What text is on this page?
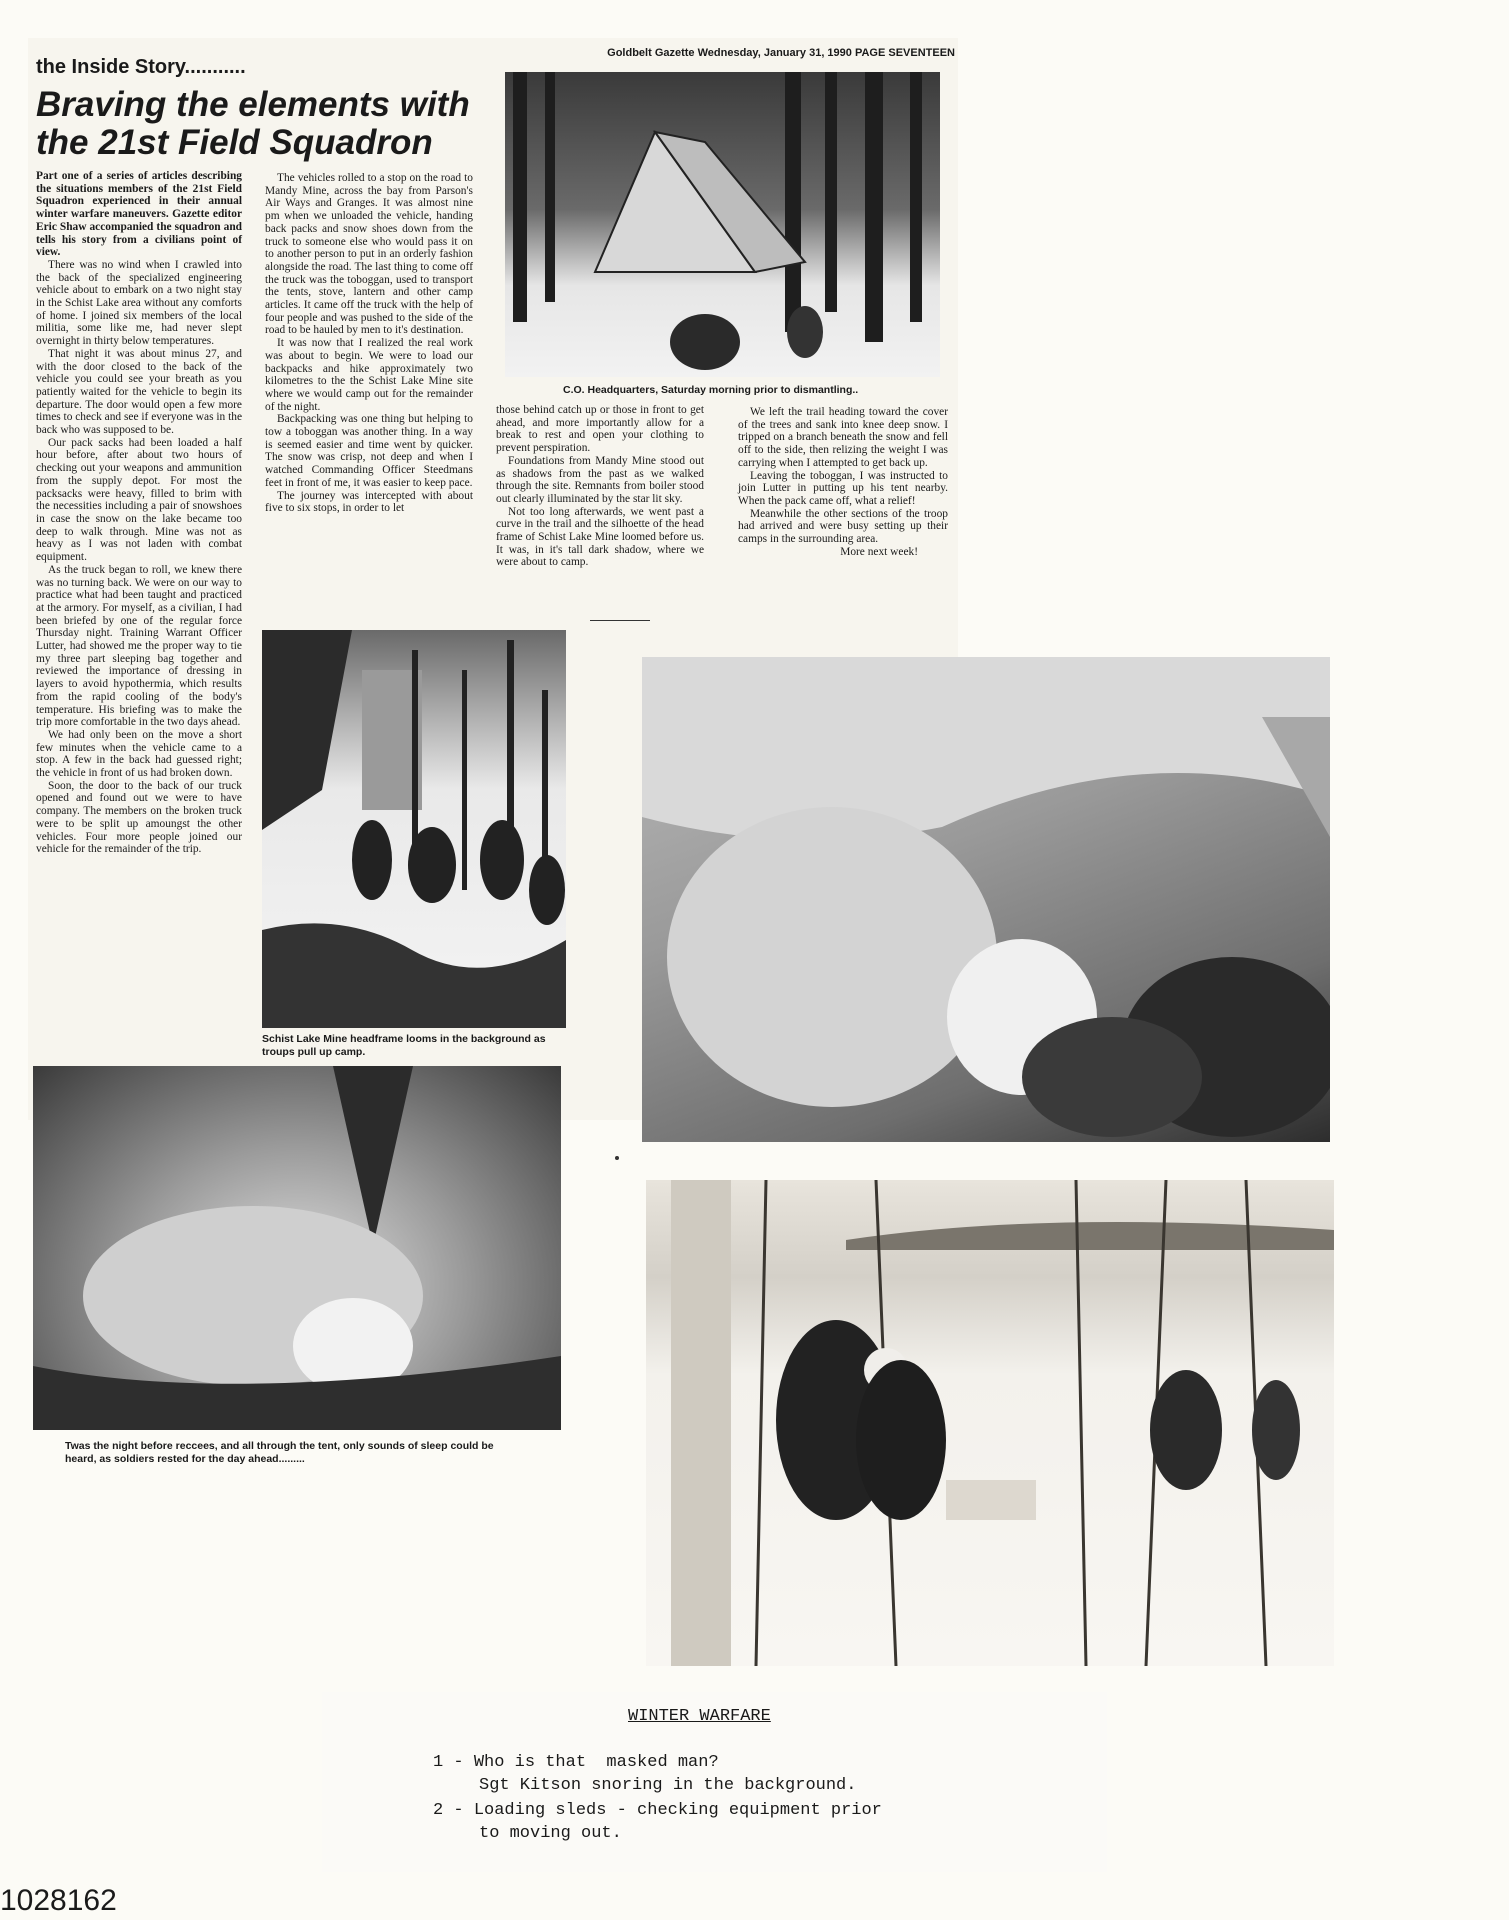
the Inside Story...........
Braving the elements with the 21st Field Squadron
Goldbelt Gazette Wednesday, January 31, 1990 PAGE SEVENTEEN

Part one of a series of articles describing the situations members of the 21st Field Squadron experienced in their annual winter warfare maneuvers. Gazette editor Eric Shaw accompanied the squadron and tells his story from a civilians point of view.

There was no wind when I crawled into the back of the specialized engineering vehicle about to embark on a two night stay in the Schist Lake area without any comforts of home. I joined six members of the local militia, some like me, had never slept overnight in thirty below temperatures.

That night it was about minus 27, and with the door closed to the back of the vehicle you could see your breath as you patiently waited for the vehicle to begin its departure. The door would open a few more times to check and see if everyone was in the back who was supposed to be.

Our pack sacks had been loaded a half hour before, after about two hours of checking out your weapons and ammunition from the supply depot. For most the packsacks were heavy, filled to brim with the necessities including a pair of snowshoes in case the snow on the lake became too deep to walk through. Mine was not as heavy as I was not laden with combat equipment.

As the truck began to roll, we knew there was no turning back. We were on our way to practice what had been taught and practiced at the armory. For myself, as a civilian, I had been briefed by one of the regular force Thursday night. Training Warrant Officer Lutter, had showed me the proper way to tie my three part sleeping bag together and reviewed the importance of dressing in layers to avoid hypothermia, which results from the rapid cooling of the body's temperature. His briefing was to make the trip more comfortable in the two days ahead.

We had only been on the move a short few minutes when the vehicle came to a stop. A few in the back had guessed right; the vehicle in front of us had broken down.

Soon, the door to the back of our truck opened and found out we were to have company. The members on the broken truck were to be split up amoungst the other vehicles. Four more people joined our vehicle for the remainder of the trip.

The vehicles rolled to a stop on the road to Mandy Mine, across the bay from Parson's Air Ways and Granges. It was almost nine pm when we unloaded the vehicle, handing back packs and snow shoes down from the truck to someone else who would pass it on to another person to put in an orderly fashion alongside the road. The last thing to come off the truck was the toboggan, used to transport the tents, stove, lantern and other camp articles. It came off the truck with the help of four people and was pushed to the side of the road to be hauled by men to it's destination.

It was now that I realized the real work was about to begin. We were to load our backpacks and hike approximately two kilometres to the the Schist Lake Mine site where we would camp out for the remainder of the night.

Backpacking was one thing but helping to tow a toboggan was another thing. In a way is seemed easier and time went by quicker. The snow was crisp, not deep and when I watched Commanding Officer Steedmans feet in front of me, it was easier to keep pace.

The journey was intercepted with about five to six stops, in order to let

C.O. Headquarters, Saturday morning prior to dismantling..

those behind catch up or those in front to get ahead, and more importantly allow for a break to rest and open your clothing to prevent perspiration.

Foundations from Mandy Mine stood out as shadows from the past as we walked through the site. Remnants from boiler stood out clearly illuminated by the star lit sky.

Not too long afterwards, we went past a curve in the trail and the silhoette of the head frame of Schist Lake Mine loomed before us. It was, in it's tall dark shadow, where we were about to camp.

We left the trail heading toward the cover of the trees and sank into knee deep snow. I tripped on a branch beneath the snow and fell off to the side, then relizing the weight I was carrying when I attempted to get back up.

Leaving the toboggan, I was instructed to join Lutter in putting up his tent nearby. When the pack came off, what a relief!

Meanwhile the other sections of the troop had arrived and were busy setting up their camps in the surrounding area.

More next week!

Schist Lake Mine headframe looms in the background as troups pull up camp.
Twas the night before reccees, and all through the tent, only sounds of sleep could be heard, as soldiers rested for the day ahead.........
WINTER WARFARE
1 - Who is that  masked man?
Sgt Kitson snoring in the background.
2 - Loading sleds - checking equipment prior
to moving out.
1028162
